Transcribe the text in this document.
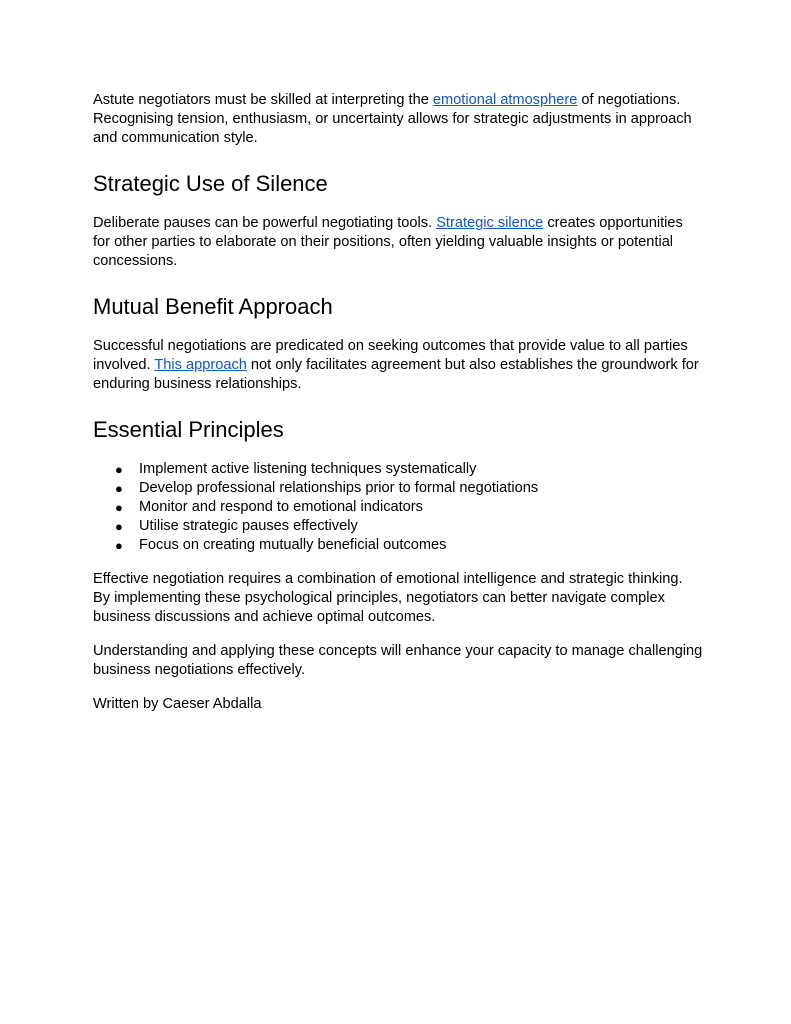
Astute negotiators must be skilled at interpreting the emotional atmosphere of negotiations. Recognising tension, enthusiasm, or uncertainty allows for strategic adjustments in approach and communication style.

Strategic Use of Silence

Deliberate pauses can be powerful negotiating tools. Strategic silence creates opportunities for other parties to elaborate on their positions, often yielding valuable insights or potential concessions.

Mutual Benefit Approach

Successful negotiations are predicated on seeking outcomes that provide value to all parties involved. This approach not only facilitates agreement but also establishes the groundwork for enduring business relationships.

Essential Principles
● Implement active listening techniques systematically
● Develop professional relationships prior to formal negotiations
● Monitor and respond to emotional indicators
● Utilise strategic pauses effectively
● Focus on creating mutually beneficial outcomes

Effective negotiation requires a combination of emotional intelligence and strategic thinking. By implementing these psychological principles, negotiators can better navigate complex business discussions and achieve optimal outcomes.

Understanding and applying these concepts will enhance your capacity to manage challenging business negotiations effectively.

Written by Caeser Abdalla
